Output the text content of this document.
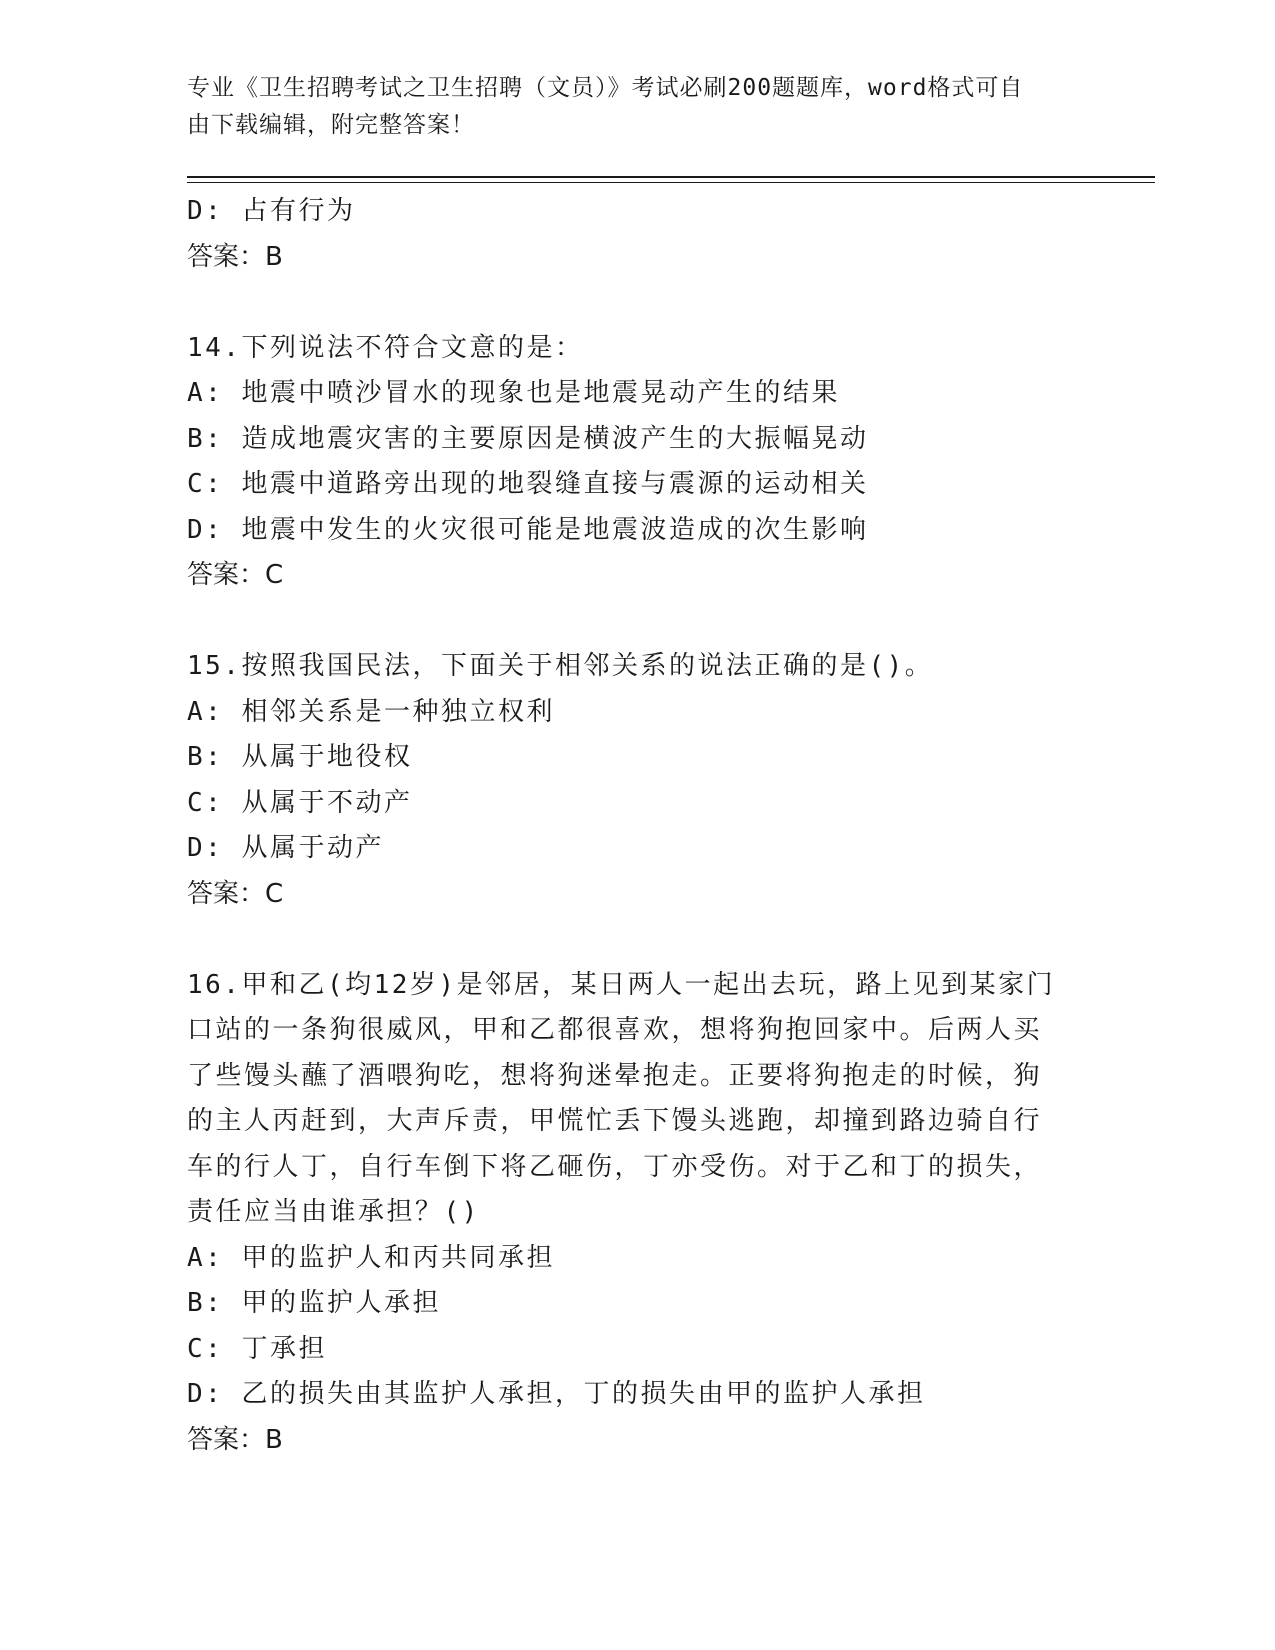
专业《卫生招聘考试之卫生招聘（文员）》考试必刷200题题库，word格式可自
由下载编辑，附完整答案！
D: 占有行为
答案：B
14.下列说法不符合文意的是：
A: 地震中喷沙冒水的现象也是地震晃动产生的结果
B: 造成地震灾害的主要原因是横波产生的大振幅晃动
C: 地震中道路旁出现的地裂缝直接与震源的运动相关
D: 地震中发生的火灾很可能是地震波造成的次生影响
答案：C
15.按照我国民法，下面关于相邻关系的说法正确的是()。
A: 相邻关系是一种独立权利
B: 从属于地役权
C: 从属于不动产
D: 从属于动产
答案：C
16.甲和乙(均12岁)是邻居，某日两人一起出去玩，路上见到某家门
口站的一条狗很威风，甲和乙都很喜欢，想将狗抱回家中。后两人买
了些馒头蘸了酒喂狗吃，想将狗迷晕抱走。正要将狗抱走的时候，狗
的主人丙赶到，大声斥责，甲慌忙丢下馒头逃跑，却撞到路边骑自行
车的行人丁，自行车倒下将乙砸伤，丁亦受伤。对于乙和丁的损失，
责任应当由谁承担？()
A: 甲的监护人和丙共同承担
B: 甲的监护人承担
C: 丁承担
D: 乙的损失由其监护人承担，丁的损失由甲的监护人承担
答案：B
